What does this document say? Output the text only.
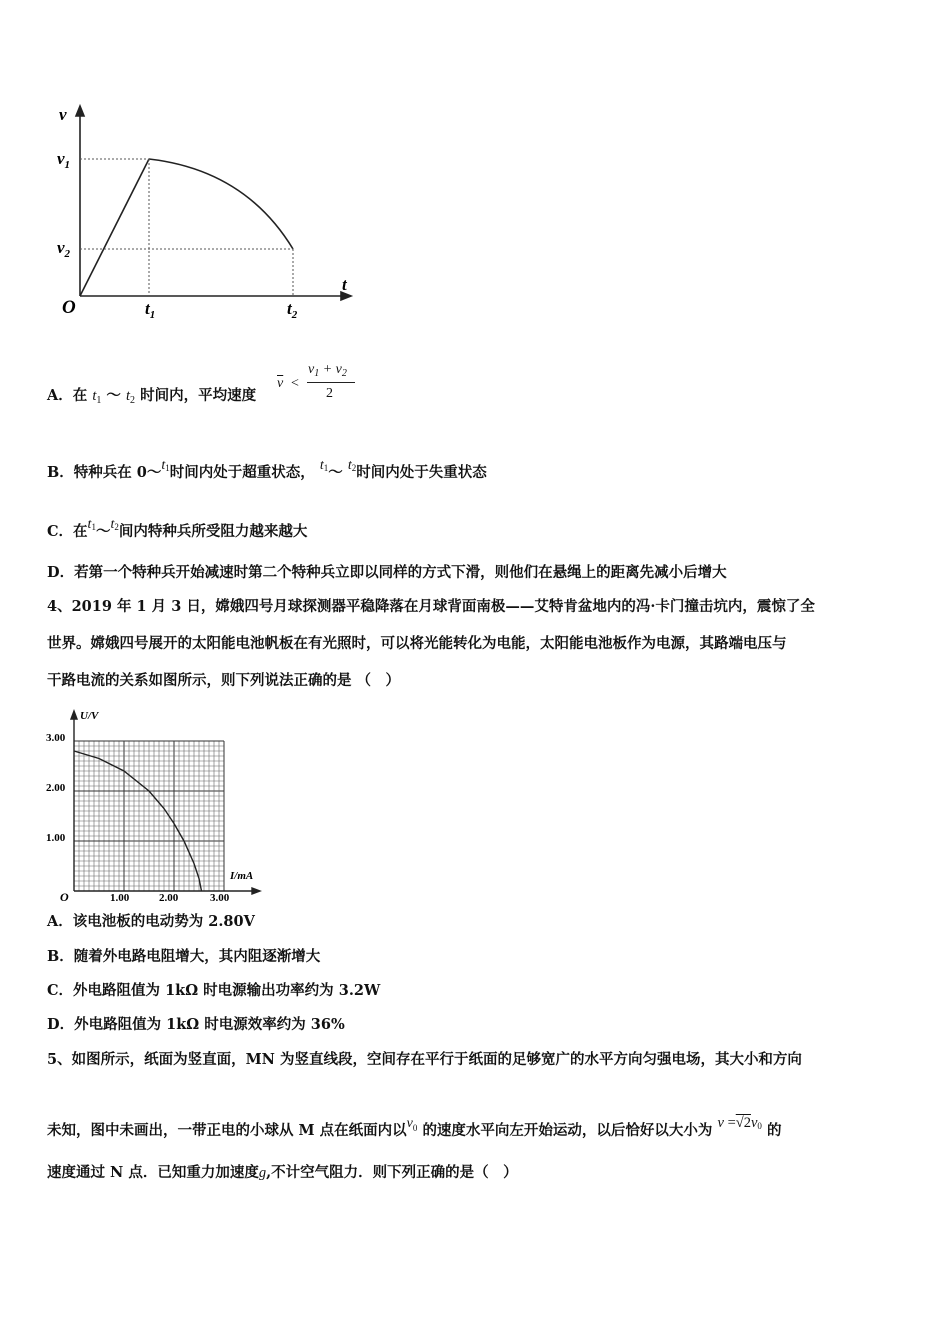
v
t
O
$v_1$
$v_2$
$t_1$	$t_2$
A．在 $t_1$ ～ $t_2$ 时间内，平均速度
$\overline{v}$ <
$v_1 + v_2$
2
B．特种兵在 $0\sim t^1$时间内处于超重状态， $t^1\sim$ $t^2$时间内处于失重状态
C．在$t^1\sim t^2$间内特种兵所受阻力越来越大
D．若第一个特种兵开始减速时第二个特种兵立即以同样的方式下滑，则他们在悬绳上的距离先减小后增大
4、2019 年 1 月 3 日，嫦娥四号月球探测器平稳降落在月球背面南极——艾特肯盆地内的冯·卡门撞击坑内，震惊了全
世界。嫦娥四号展开的太阳能电池帆板在有光照时，可以将光能转化为电能，太阳能电池板作为电源，其路端电压与
干路电流的关系如图所示，则下列说法正确的是 （　）
U/V
I/mA
O
3.00
2.00
1.00
1.00	2.00	3.00
A．该电池板的电动势为 2.80V
B．随着外电路电阻增大，其内阻逐渐增大
C．外电路阻值为 1kΩ 时电源输出功率约为 3.2W
D．外电路阻值为 1kΩ 时电源效率约为 36%
5、如图所示，纸面为竖直面，MN 为竖直线段，空间存在平行于纸面的足够宽广的水平方向匀强电场，其大小和方向
未知，图中未画出，一带正电的小球从 M 点在纸面内以$v^0$ 的速度水平向左开始运动，以后恰好以大小为 v =√2v0 的
速度通过 N 点．已知重力加速度g,不计空气阻力．则下列正确的是（　）
